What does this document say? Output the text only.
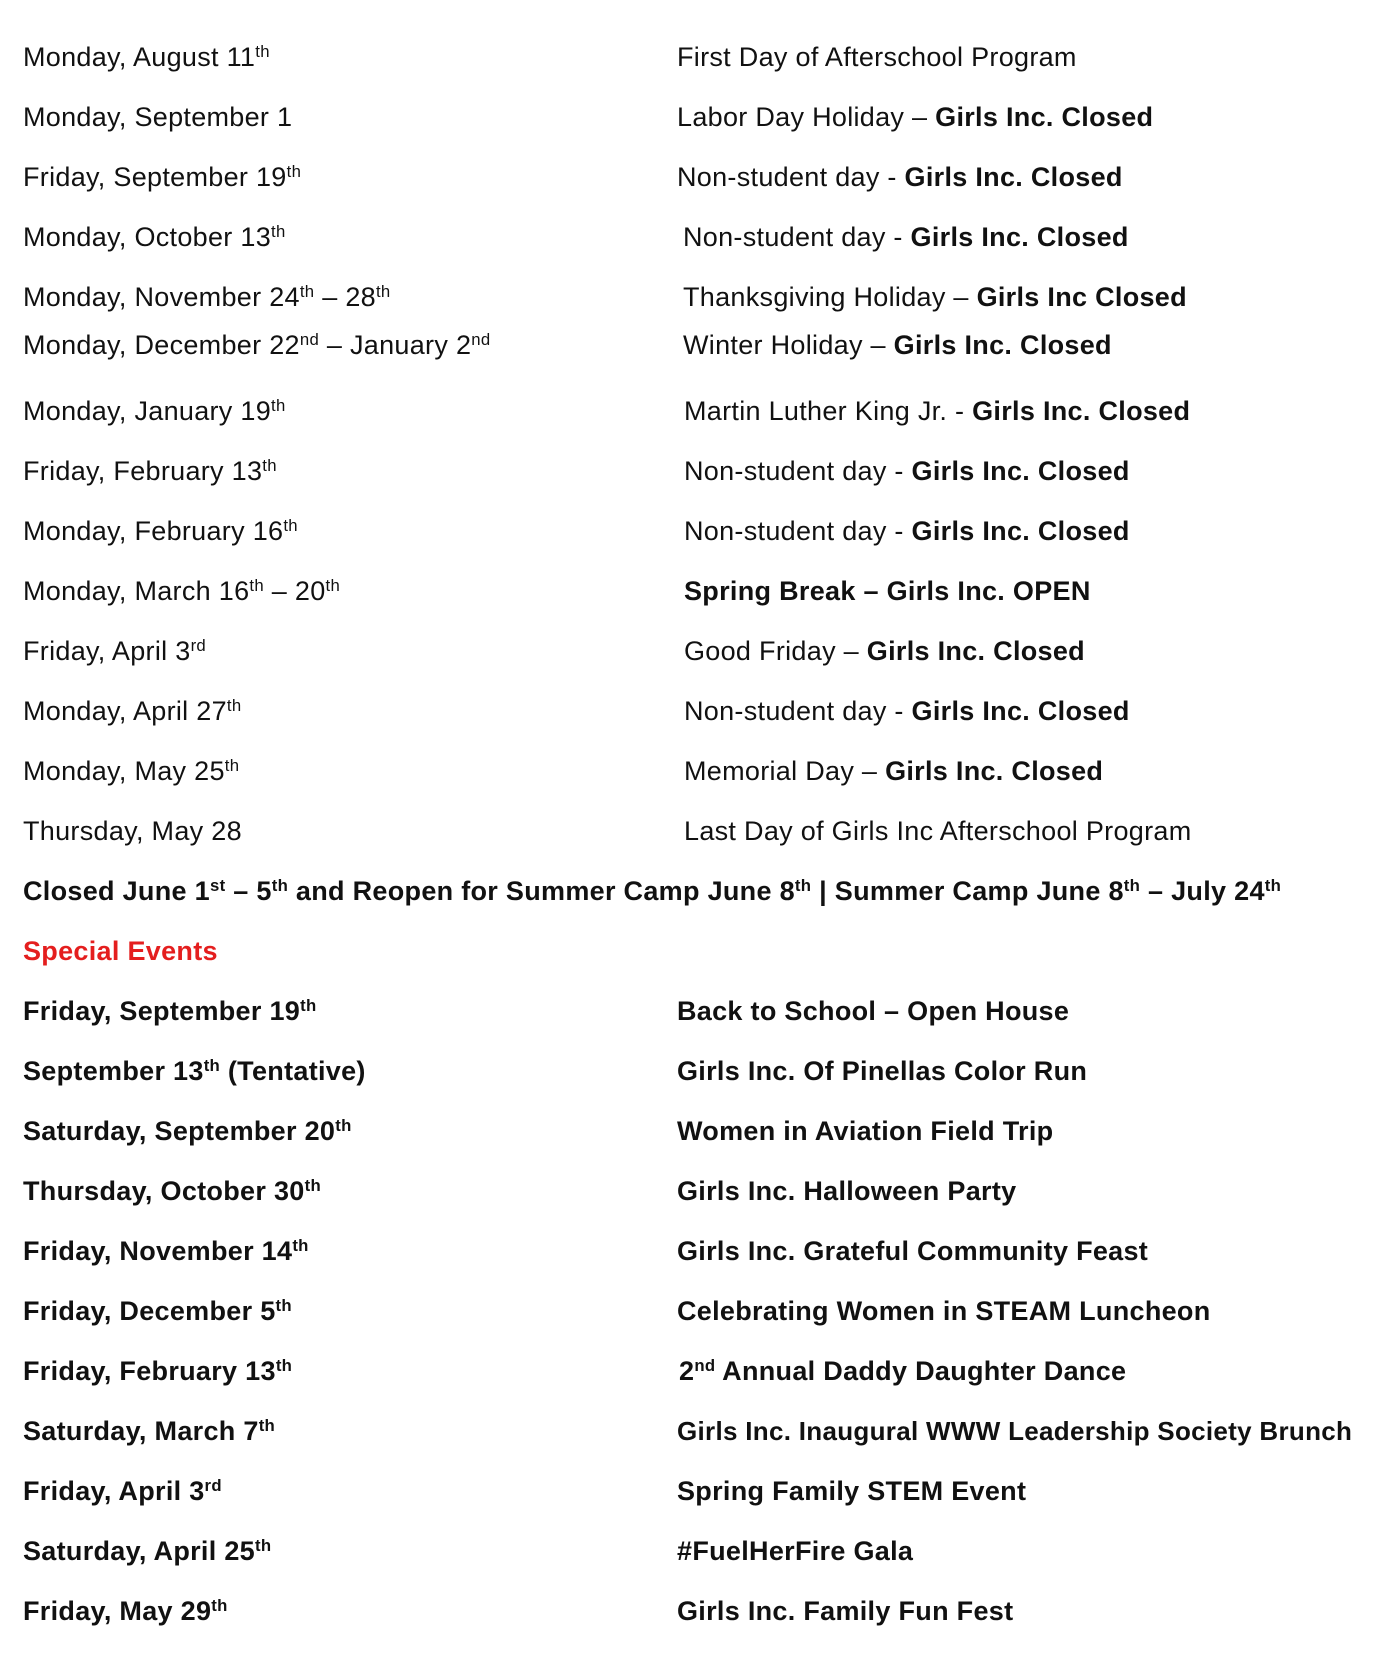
Monday, August 11th	First Day of Afterschool Program
Monday, September 1	Labor Day Holiday – Girls Inc. Closed
Friday, September 19th	Non-student day - Girls Inc. Closed
Monday, October 13th	Non-student day - Girls Inc. Closed
Monday, November 24th – 28th	Thanksgiving Holiday – Girls Inc Closed
Monday, December 22nd – January 2nd	Winter Holiday – Girls Inc. Closed
Monday, January 19th	Martin Luther King Jr. - Girls Inc. Closed
Friday, February 13th	Non-student day - Girls Inc. Closed
Monday, February 16th	Non-student day - Girls Inc. Closed
Monday, March 16th – 20th	Spring Break – Girls Inc. OPEN
Friday, April 3rd	Good Friday – Girls Inc. Closed
Monday, April 27th	Non-student day - Girls Inc. Closed
Monday, May 25th	Memorial Day – Girls Inc. Closed
Thursday, May 28	Last Day of Girls Inc Afterschool Program
Closed June 1st – 5th and Reopen for Summer Camp June 8th | Summer Camp June 8th – July 24th
Special Events
Friday, September 19th	Back to School – Open House
September 13th (Tentative)	Girls Inc. Of Pinellas Color Run
Saturday, September 20th	Women in Aviation Field Trip
Thursday, October 30th	Girls Inc. Halloween Party
Friday, November 14th	Girls Inc. Grateful Community Feast
Friday, December 5th	Celebrating Women in STEAM Luncheon
Friday, February 13th	2nd Annual Daddy Daughter Dance
Saturday, March 7th	Girls Inc. Inaugural WWW Leadership Society Brunch
Friday, April 3rd	Spring Family STEM Event
Saturday, April 25th	#FuelHerFire Gala
Friday, May 29th	Girls Inc. Family Fun Fest
